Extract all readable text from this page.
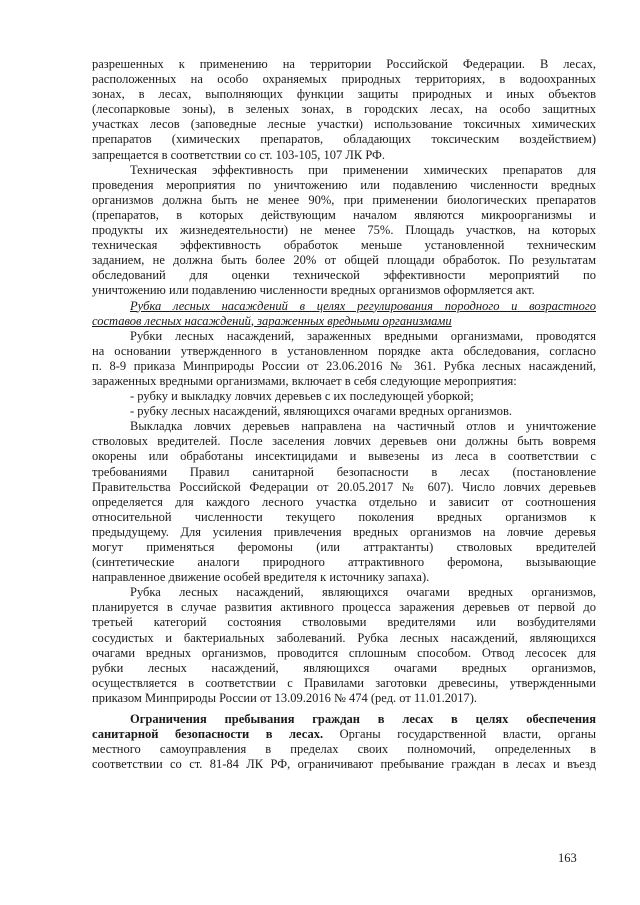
разрешенных к применению на территории Российской Федерации. В лесах,
расположенных на особо охраняемых природных территориях, в водоохранных
зонах, в лесах, выполняющих функции защиты природных и иных объектов
(лесопарковые зоны), в зеленых зонах, в городских лесах, на особо защитных
участках лесов (заповедные лесные участки) использование токсичных химических
препаратов (химических препаратов, обладающих токсическим воздействием)
запрещается в соответствии со ст. 103-105, 107 ЛК РФ.
Техническая эффективность при применении химических препаратов для
проведения мероприятия по уничтожению или подавлению численности вредных
организмов должна быть не менее 90%, при применении биологических препаратов
(препаратов, в которых действующим началом являются микроорганизмы и
продукты их жизнедеятельности) не менее 75%. Площадь участков, на которых
техническая эффективность обработок меньше установленной техническим
заданием, не должна быть более 20% от общей площади обработок. По результатам
обследований для оценки технической эффективности мероприятий по
уничтожению или подавлению численности вредных организмов оформляется акт.
Рубка лесных насаждений в целях регулирования породного и возрастного
составов лесных насаждений, зараженных вредными организмами
Рубки лесных насаждений, зараженных вредными организмами, проводятся
на основании утвержденного в установленном порядке акта обследования, согласно
п. 8-9 приказа Минприроды России от 23.06.2016 № 361. Рубка лесных насаждений,
зараженных вредными организмами, включает в себя следующие мероприятия:
- рубку и выкладку ловчих деревьев с их последующей уборкой;
- рубку лесных насаждений, являющихся очагами вредных организмов.
Выкладка ловчих деревьев направлена на частичный отлов и уничтожение
стволовых вредителей. После заселения ловчих деревьев они должны быть вовремя
окорены или обработаны инсектицидами и вывезены из леса в соответствии с
требованиями Правил санитарной безопасности в лесах (постановление
Правительства Российской Федерации от 20.05.2017 № 607). Число ловчих деревьев
определяется для каждого лесного участка отдельно и зависит от соотношения
относительной численности текущего поколения вредных организмов к
предыдущему. Для усиления привлечения вредных организмов на ловчие деревья
могут применяться феромоны (или аттрактанты) стволовых вредителей
(синтетические аналоги природного аттрактивного феромона, вызывающие
направленное движение особей вредителя к источнику запаха).
Рубка лесных насаждений, являющихся очагами вредных организмов,
планируется в случае развития активного процесса заражения деревьев от первой до
третьей категорий состояния стволовыми вредителями или возбудителями
сосудистых и бактериальных заболеваний. Рубка лесных насаждений, являющихся
очагами вредных организмов, проводится сплошным способом. Отвод лесосек для
рубки лесных насаждений, являющихся очагами вредных организмов,
осуществляется в соответствии с Правилами заготовки древесины, утвержденными
приказом Минприроды России от 13.09.2016 № 474 (ред. от 11.01.2017).
Ограничения пребывания граждан в лесах в целях обеспечения
санитарной безопасности в лесах. Органы государственной власти, органы
местного самоуправления в пределах своих полномочий, определенных в
соответствии со ст. 81-84 ЛК РФ, ограничивают пребывание граждан в лесах и въезд
163
